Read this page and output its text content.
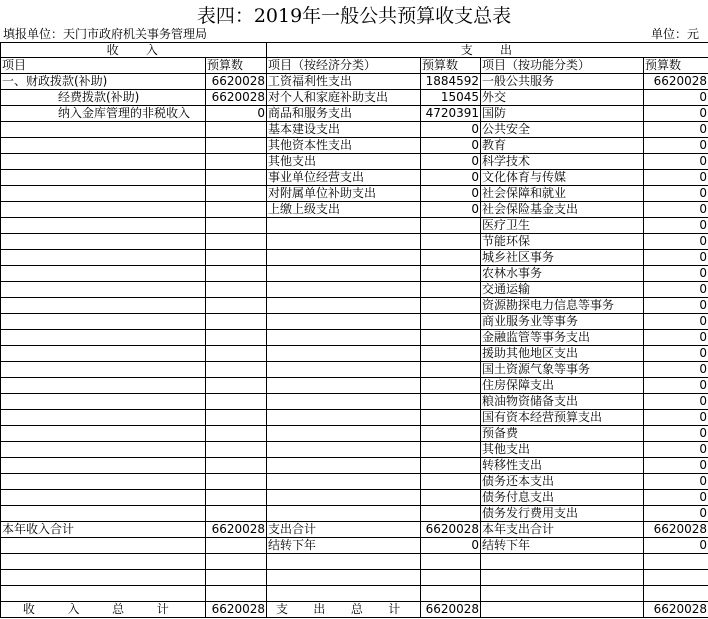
表四：2019年一般公共预算收支总表
填报单位：天门市政府机关事务管理局	单位：元
收    入		支    出			
项目	预算数	项目（按经济分类）	预算数	项目（按功能分类）	预算数
一、财政拨款(补助)	6620028	工资福利性支出	1884592	一般公共服务	6620028
经费拨款(补助)	6620028	对个人和家庭补助支出	15045	外交	0
纳入金库管理的非税收入	0	商品和服务支出	4720391	国防	0
		基本建设支出	0	公共安全	0
		其他资本性支出	0	教育	0
		其他支出	0	科学技术	0
		事业单位经营支出	0	文化体育与传媒	0
		对附属单位补助支出	0	社会保障和就业	0
		上缴上级支出	0	社会保险基金支出	0
				医疗卫生	0
				节能环保	0
				城乡社区事务	0
				农林水事务	0
				交通运输	0
				资源勘探电力信息等事务	0
				商业服务业等事务	0
				金融监管等事务支出	0
				援助其他地区支出	0
				国土资源气象等事务	0
				住房保障支出	0
				粮油物资储备支出	0
				国有资本经营预算支出	0
				预备费	0
				其他支出	0
				转移性支出	0
				债务还本支出	0
				债务付息支出	0
				债务发行费用支出	0
本年收入合计	6620028	支出合计	6620028	本年支出合计	6620028
		结转下年	0	结转下年	0

收 入 总 计	6620028	支 出 总 计	6620028		6620028
